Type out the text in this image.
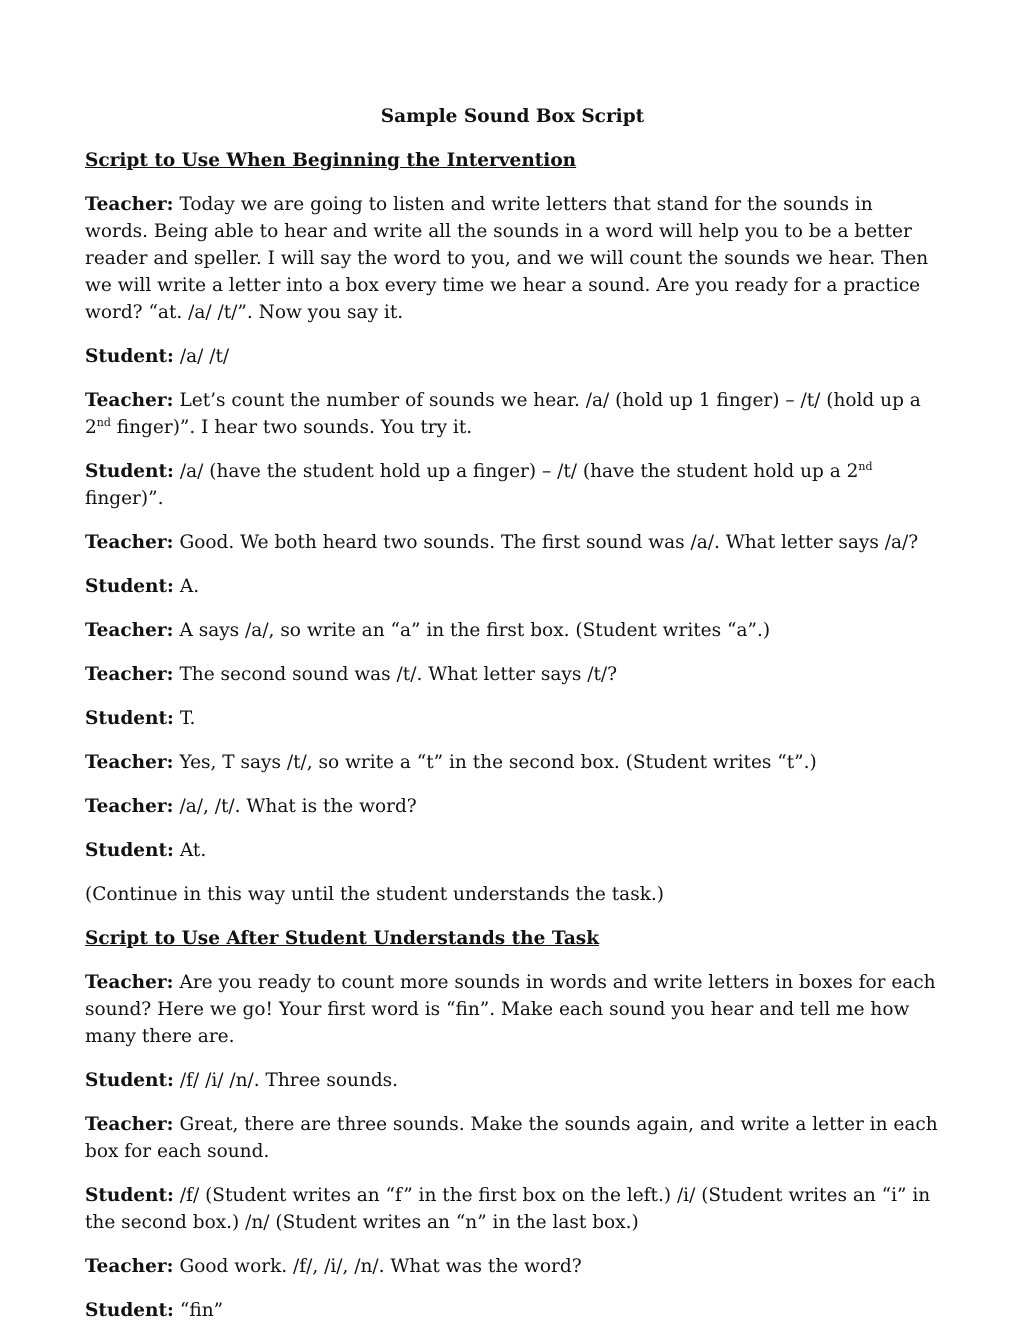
Sample Sound Box Script
Script to Use When Beginning the Intervention
Teacher: Today we are going to listen and write letters that stand for the sounds in words. Being able to hear and write all the sounds in a word will help you to be a better reader and speller. I will say the word to you, and we will count the sounds we hear. Then we will write a letter into a box every time we hear a sound. Are you ready for a practice word? “at. /a/ /t/”. Now you say it.
Student: /a/ /t/
Teacher: Let’s count the number of sounds we hear. /a/ (hold up 1 finger) – /t/ (hold up a 2nd finger)”. I hear two sounds. You try it.
Student: /a/ (have the student hold up a finger) – /t/ (have the student hold up a 2nd finger)”.
Teacher: Good. We both heard two sounds. The first sound was /a/. What letter says /a/?
Student: A.
Teacher: A says /a/, so write an “a” in the first box. (Student writes “a”.)
Teacher: The second sound was /t/. What letter says /t/?
Student: T.
Teacher: Yes, T says /t/, so write a “t” in the second box. (Student writes “t”.)
Teacher: /a/, /t/. What is the word?
Student: At.
(Continue in this way until the student understands the task.)
Script to Use After Student Understands the Task
Teacher: Are you ready to count more sounds in words and write letters in boxes for each sound? Here we go! Your first word is “fin”. Make each sound you hear and tell me how many there are.
Student: /f/ /i/ /n/. Three sounds.
Teacher: Great, there are three sounds. Make the sounds again, and write a letter in each box for each sound.
Student: /f/ (Student writes an “f” in the first box on the left.) /i/ (Student writes an “i” in the second box.) /n/ (Student writes an “n” in the last box.)
Teacher: Good work. /f/, /i/, /n/. What was the word?
Student: “fin”
